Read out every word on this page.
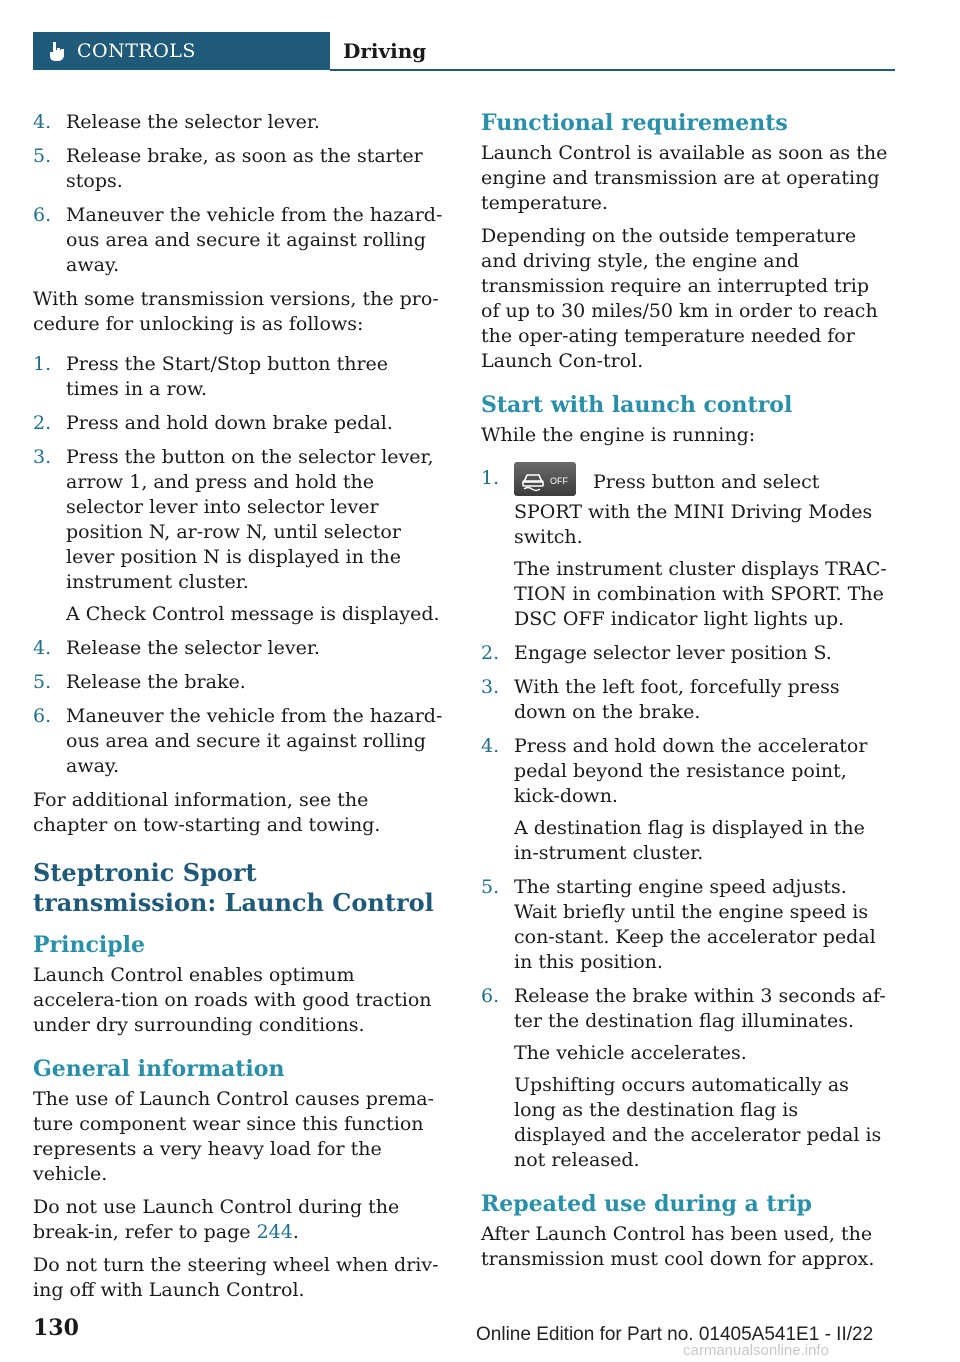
CONTROLS	Driving
4. Release the selector lever.
5. Release brake, as soon as the starter stops.
6. Maneuver the vehicle from the hazard-ous area and secure it against rolling away.

With some transmission versions, the pro-cedure for unlocking is as follows:

1. Press the Start/Stop button three times in a row.
2. Press and hold down brake pedal.
3. Press the button on the selector lever, arrow 1, and press and hold the selector lever into selector lever position N, ar-row N, until selector lever position N is displayed in the instrument cluster.
A Check Control message is displayed.
4. Release the selector lever.
5. Release the brake.
6. Maneuver the vehicle from the hazard-ous area and secure it against rolling away.

For additional information, see the chapter on tow-starting and towing.

Steptronic Sport transmission: Launch Control
Principle

Launch Control enables optimum accelera-tion on roads with good traction under dry surrounding conditions.

General information

The use of Launch Control causes prema-ture component wear since this function represents a very heavy load for the vehicle.

Do not use Launch Control during the break-in, refer to page 244.

Do not turn the steering wheel when driv-ing off with Launch Control.

Functional requirements

Launch Control is available as soon as the engine and transmission are at operating temperature.

Depending on the outside temperature and driving style, the engine and transmission require an interrupted trip of up to 30 miles/50 km in order to reach the oper-ating temperature needed for Launch Con-trol.

Start with launch control

While the engine is running:

1.	OFF Press button and select SPORT with the MINI Driving Modes switch.
The instrument cluster displays TRAC-TION in combination with SPORT. The DSC OFF indicator light lights up.
2. Engage selector lever position S.
3. With the left foot, forcefully press down on the brake.
4. Press and hold down the accelerator pedal beyond the resistance point, kick-down.
A destination flag is displayed in the in-strument cluster.
5. The starting engine speed adjusts. Wait briefly until the engine speed is con-stant. Keep the accelerator pedal in this position.
6. Release the brake within 3 seconds af-ter the destination flag illuminates.
The vehicle accelerates.
Upshifting occurs automatically as long as the destination flag is displayed and the accelerator pedal is not released.
Repeated use during a trip

After Launch Control has been used, the transmission must cool down for approx.

130	Online Edition for Part no. 01405A541E1 - II/22
carmanualsonline.info
